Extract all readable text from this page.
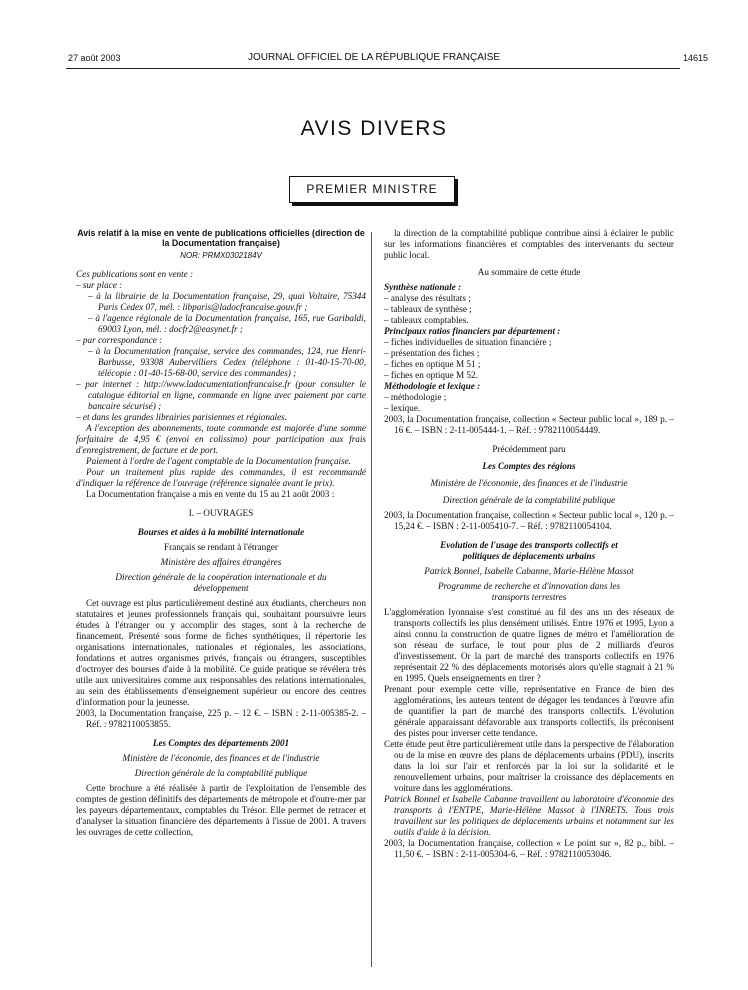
27 août 2003	JOURNAL OFFICIEL DE LA RÉPUBLIQUE FRANÇAISE	14615
AVIS DIVERS
PREMIER MINISTRE

Avis relatif à la mise en vente de publications officielles (direction de la Documentation française)

NOR: PRMX0302184V

Ces publications sont en vente :

– sur place :

– à la librairie de la Documentation française, 29, quai Voltaire, 75344 Paris Cedex 07, mél. : libparis@ladocfrancaise.gouv.fr ;

– à l'agence régionale de la Documentation française, 165, rue Garibaldi, 69003 Lyon, mél. : docfr2@easynet.fr ;

– par correspondance :

– à la Documentation française, service des commandes, 124, rue Henri-Barbusse, 93308 Aubervilliers Cedex (téléphone : 01-40-15-70-00, télécopie : 01-40-15-68-00, service des commandes) ;

– par internet : http://www.ladocumentationfrancaise.fr (pour consulter le catalogue éditorial en ligne, commande en ligne avec paiement par carte bancaire sécurisé) ;

– et dans les grandes librairies parisiennes et régionales.

A l'exception des abonnements, toute commande est majorée d'une somme forfaitaire de 4,95 € (envoi en colissimo) pour participation aux frais d'enregistrement, de facture et de port.

Paiement à l'ordre de l'agent comptable de la Documentation française.

Pour un traitement plus rapide des commandes, il est recommandé d'indiquer la référence de l'ouvrage (référence signalée avant le prix).

La Documentation française a mis en vente du 15 au 21 août 2003 :

I. – OUVRAGES

Bourses et aides à la mobilité internationale

Français se rendant à l'étranger

Ministère des affaires étrangères

Direction générale de la coopération internationale et du développement

Cet ouvrage est plus particulièrement destiné aux étudiants, chercheurs non statutaires et jeunes professionnels français qui, souhaitant poursuivre leurs études à l'étranger ou y accomplir des stages, sont à la recherche de financement. Présenté sous forme de fiches synthétiques, il répertorie les organisations internationales, nationales et régionales, les associations, fondations et autres organismes privés, français ou étrangers, susceptibles d'octroyer des bourses d'aide à la mobilité. Ce guide pratique se révélera très utile aux universitaires comme aux responsables des relations internationales, au sein des établissements d'enseignement supérieur ou encore des centres d'information pour la jeunesse.

2003, la Documentation française, 225 p. – 12 €. – ISBN : 2-11-005385-2. – Réf. : 9782110053855.

Les Comptes des départements 2001

Ministère de l'économie, des finances et de l'industrie

Direction générale de la comptabilité publique

Cette brochure a été réalisée à partir de l'exploitation de l'ensemble des comptes de gestion définitifs des départements de métropole et d'outre-mer par les payeurs départementaux, comptables du Trésor. Elle permet de retracer et d'analyser la situation financière des départements à l'issue de 2001. A travers les ouvrages de cette collection,

la direction de la comptabilité publique contribue ainsi à éclairer le public sur les informations financières et comptables des intervenants du secteur public local.

Au sommaire de cette étude

Synthèse nationale :

– analyse des résultats ;

– tableaux de synthèse ;

– tableaux comptables.

Principaux ratios financiers par département :

– fiches individuelles de situation financière ;

– présentation des fiches ;

– fiches en optique M 51 ;

– fiches en optique M 52.

Méthodologie et lexique :

– méthodologie ;

– lexique.

2003, la Documentation française, collection « Secteur public local », 189 p. – 16 €. – ISBN : 2-11-005444-1. – Réf. : 9782110054449.

Précédemment paru

Les Comptes des régions

Ministère de l'économie, des finances et de l'industrie

Direction générale de la comptabilité publique

2003, la Documentation française, collection « Secteur public local », 120 p. – 15,24 €. – ISBN : 2-11-005410-7. – Réf. : 9782110054104.

Evolution de l'usage des transports collectifs et politiques de déplacements urbains

Patrick Bonnel, Isabelle Cabanne, Marie-Hélène Massot

Programme de recherche et d'innovation dans les transports terrestres

L'agglomération lyonnaise s'est constitué au fil des ans un des réseaux de transports collectifs les plus densément utilisés. Entre 1976 et 1995, Lyon a ainsi connu la construction de quatre lignes de métro et l'amélioration de son réseau de surface, le tout pour plus de 2 milliards d'euros d'investissement. Or la part de marché des transports collectifs en 1976 représentait 22 % des déplacements motorisés alors qu'elle stagnait à 21 % en 1995. Quels enseignements en tirer ?

Prenant pour exemple cette ville, représentative en France de bien des agglomérations, les auteurs tentent de dégager les tendances à l'œuvre afin de quantifier la part de marché des transports collectifs. L'évolution générale apparaissant défavorable aux transports collectifs, ils préconisent des pistes pour inverser cette tendance.

Cette étude peut être particulièrement utile dans la perspective de l'élaboration ou de la mise en œuvre des plans de déplacements urbains (PDU), inscrits dans la loi sur l'air et renforcés par la loi sur la solidarité et le renouvellement urbains, pour maîtriser la croissance des déplacements en voiture dans les agglomérations.

Patrick Bonnel et Isabelle Cabanne travaillent au laboratoire d'économie des transports à l'ENTPE, Marie-Hélène Massot à l'INRETS. Tous trois travaillent sur les politiques de déplacements urbains et notamment sur les outils d'aide à la décision.

2003, la Documentation française, collection « Le point sur », 82 p., bibl. – 11,50 €. – ISBN : 2-11-005304-6. – Réf. : 9782110053046.
